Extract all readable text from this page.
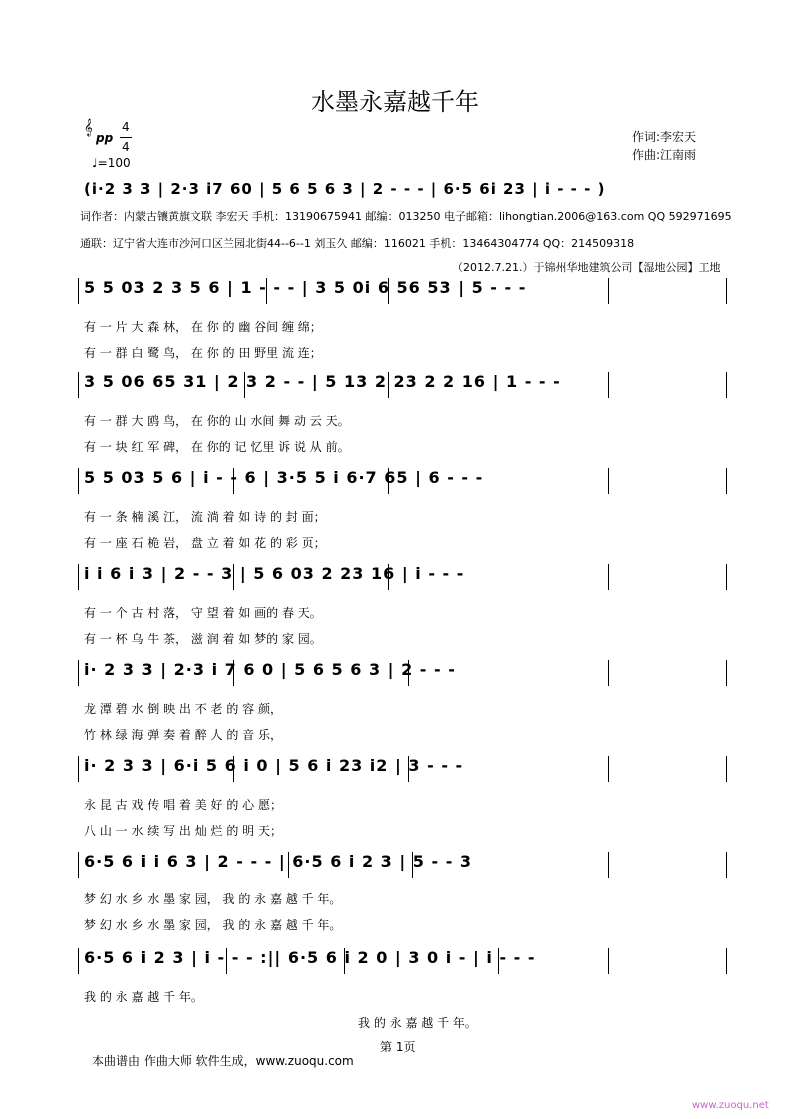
水墨永嘉越千年
作词:李宏天
作曲:江南雨
𝄞
pp
4
4
♩=100
(i·2 3 3 | 2·3 i7 60 | 5 6 5 6 3 | 2 - - - | 6·5 6i 23 | i - - - )
词作者：内蒙古镶黄旗文联 李宏天 手机：13190675941 邮编：013250 电子邮箱：lihongtian.2006@163.com QQ 592971695
通联：辽宁省大连市沙河口区兰园北街44--6--1 刘玉久 邮编：116021 手机：13464304774 QQ：214509318
（2012.7.21.）于锦州华地建筑公司【湿地公园】工地
5 5 03 2 3 5 6 | 1 - - - | 3 5 0i 6 56 53 | 5 - - -
有 一 片 大 森 林， 在 你 的 幽 谷间 缠 绵；
有 一 群 白 鹭 鸟， 在 你 的 田 野里 流 连；
3 5 06 65 31 | 2 3 2 - - | 5 13 2 23 2 2 16 | 1 - - -
有 一 群 大 鸥 鸟， 在 你的 山 水间 舞 动 云 天。
有 一 块 红 军 碑， 在 你的 记 忆里 诉 说 从 前。
5 5 03 5 6 | i - - 6 | 3·5 5 i 6·7 65 | 6 - - -
有 一 条 楠 溪 江， 流 淌 着 如 诗 的 封 面；
有 一 座 石 桅 岩， 盘 立 着 如 花 的 彩 页；
i i 6 i 3 | 2 - - 3 | 5 6 03 2 23 16 | i - - -
有 一 个 古 村 落， 守 望 着 如 画的 春 天。
有 一 杯 乌 牛 茶， 滋 润 着 如 梦的 家 园。
i· 2 3 3 | 2·3 i 7 6 0 | 5 6 5 6 3 | 2 - - -
龙 潭 碧 水 倒 映 出 不 老 的 容 颜，
竹 林 绿 海 弹 奏 着 醉 人 的 音 乐，
i· 2 3 3 | 6·i 5 6 i 0 | 5 6 i 23 i2 | 3 - - -
永 昆 古 戏 传 唱 着 美 好 的 心 愿；
八 山 一 水 续 写 出 灿 烂 的 明 天；
6·5 6 i i 6 3 | 2 - - - | 6·5 6 i 2 3 | 5 - - 3
梦 幻 水 乡 水 墨 家 园， 我 的 永 嘉 越 千 年。
梦 幻 水 乡 水 墨 家 园， 我 的 永 嘉 越 千 年。
6·5 6 i 2 3 | i - - - :|| 6·5 6 i 2 0 | 3 0 i - | i - - -
我 的 永 嘉 越 千 年。
我 的 永 嘉 越 千 年。
第 1页
本曲谱由 作曲大师 软件生成，www.zuoqu.com
www.zuoqu.net
